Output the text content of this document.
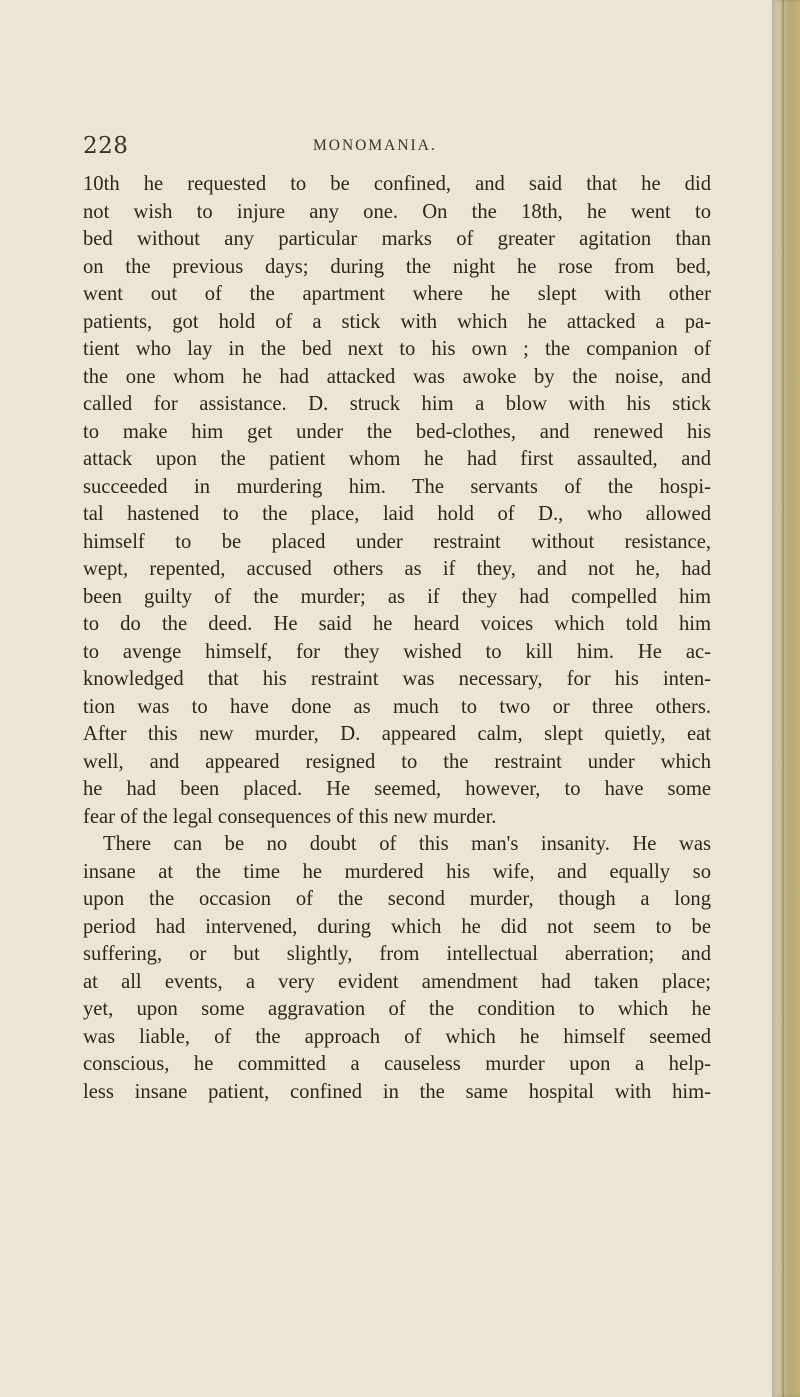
228	MONOMANIA.
10th he requested to be confined, and said that he did
not wish to injure any one. On the 18th, he went to
bed without any particular marks of greater agitation than
on the previous days; during the night he rose from bed,
went out of the apartment where he slept with other
patients, got hold of a stick with which he attacked a pa-
tient who lay in the bed next to his own ; the companion of
the one whom he had attacked was awoke by the noise, and
called for assistance. D. struck him a blow with his stick
to make him get under the bed-clothes, and renewed his
attack upon the patient whom he had first assaulted, and
succeeded in murdering him. The servants of the hospi-
tal hastened to the place, laid hold of D., who allowed
himself to be placed under restraint without resistance,
wept, repented, accused others as if they, and not he, had
been guilty of the murder; as if they had compelled him
to do the deed. He said he heard voices which told him
to avenge himself, for they wished to kill him. He ac-
knowledged that his restraint was necessary, for his inten-
tion was to have done as much to two or three others.
After this new murder, D. appeared calm, slept quietly, eat
well, and appeared resigned to the restraint under which
he had been placed. He seemed, however, to have some
fear of the legal consequences of this new murder.
There can be no doubt of this man's insanity. He was
insane at the time he murdered his wife, and equally so
upon the occasion of the second murder, though a long
period had intervened, during which he did not seem to be
suffering, or but slightly, from intellectual aberration; and
at all events, a very evident amendment had taken place;
yet, upon some aggravation of the condition to which he
was liable, of the approach of which he himself seemed
conscious, he committed a causeless murder upon a help-
less insane patient, confined in the same hospital with him-
